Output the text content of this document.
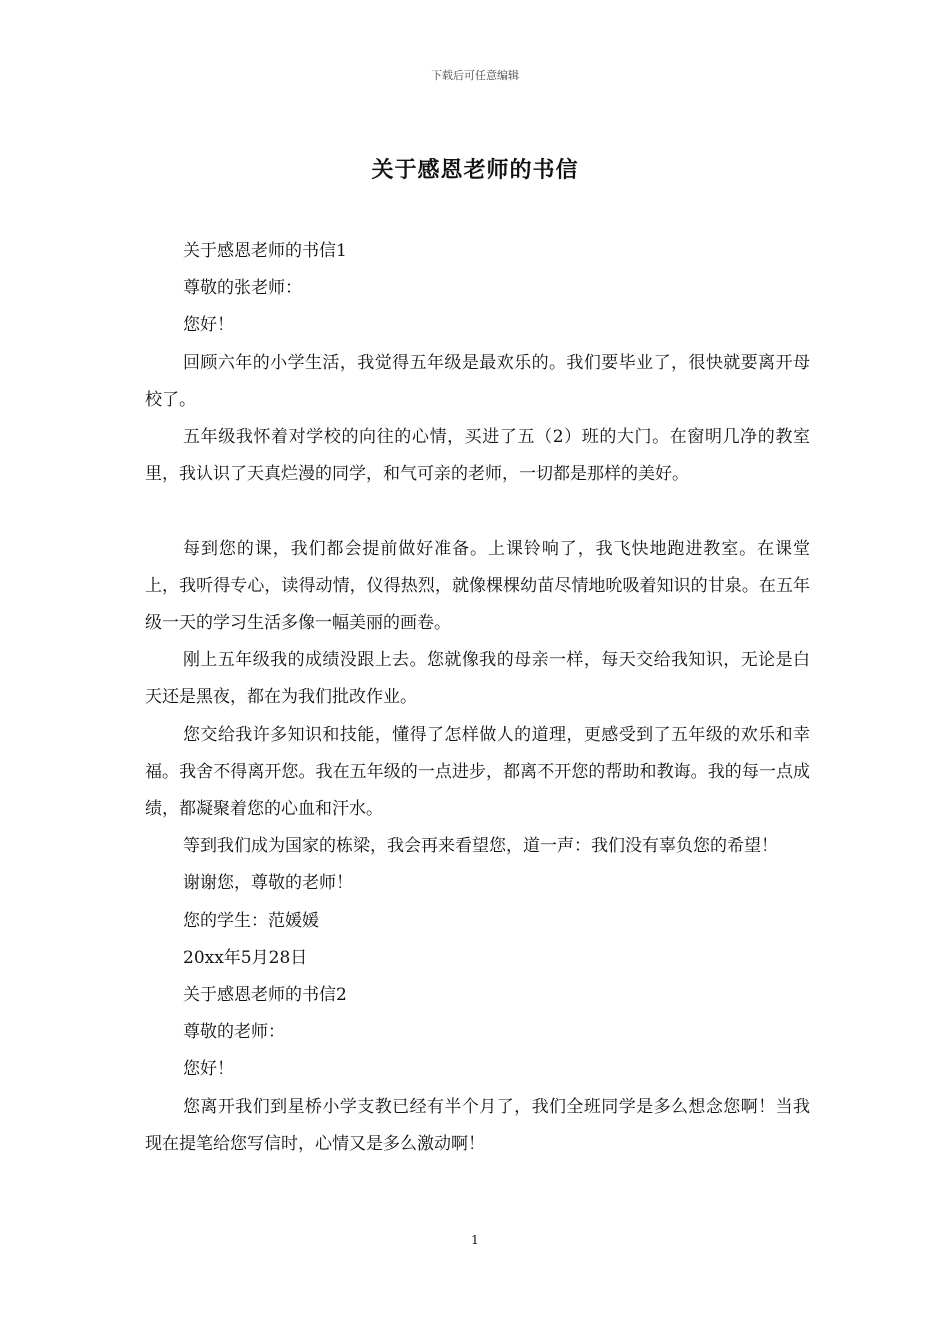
下载后可任意编辑
关于感恩老师的书信

关于感恩老师的书信1

尊敬的张老师：

您好！

回顾六年的小学生活，我觉得五年级是最欢乐的。我们要毕业了，很快就要离开母校了。

五年级我怀着对学校的向往的心情，买进了五（2）班的大门。在窗明几净的教室里，我认识了天真烂漫的同学，和气可亲的老师，一切都是那样的美好。

每到您的课，我们都会提前做好准备。上课铃响了，我飞快地跑进教室。在课堂上，我听得专心，读得动情，仪得热烈，就像棵棵幼苗尽情地吮吸着知识的甘泉。在五年级一天的学习生活多像一幅美丽的画卷。

刚上五年级我的成绩没跟上去。您就像我的母亲一样，每天交给我知识，无论是白天还是黑夜，都在为我们批改作业。

您交给我许多知识和技能，懂得了怎样做人的道理，更感受到了五年级的欢乐和幸福。我舍不得离开您。我在五年级的一点进步，都离不开您的帮助和教诲。我的每一点成绩，都凝聚着您的心血和汗水。

等到我们成为国家的栋梁，我会再来看望您，道一声：我们没有辜负您的希望！

谢谢您，尊敬的老师！

您的学生：范媛媛

20xx年5月28日

关于感恩老师的书信2

尊敬的老师：

您好！

您离开我们到星桥小学支教已经有半个月了，我们全班同学是多么想念您啊！当我现在提笔给您写信时，心情又是多么激动啊！

1
